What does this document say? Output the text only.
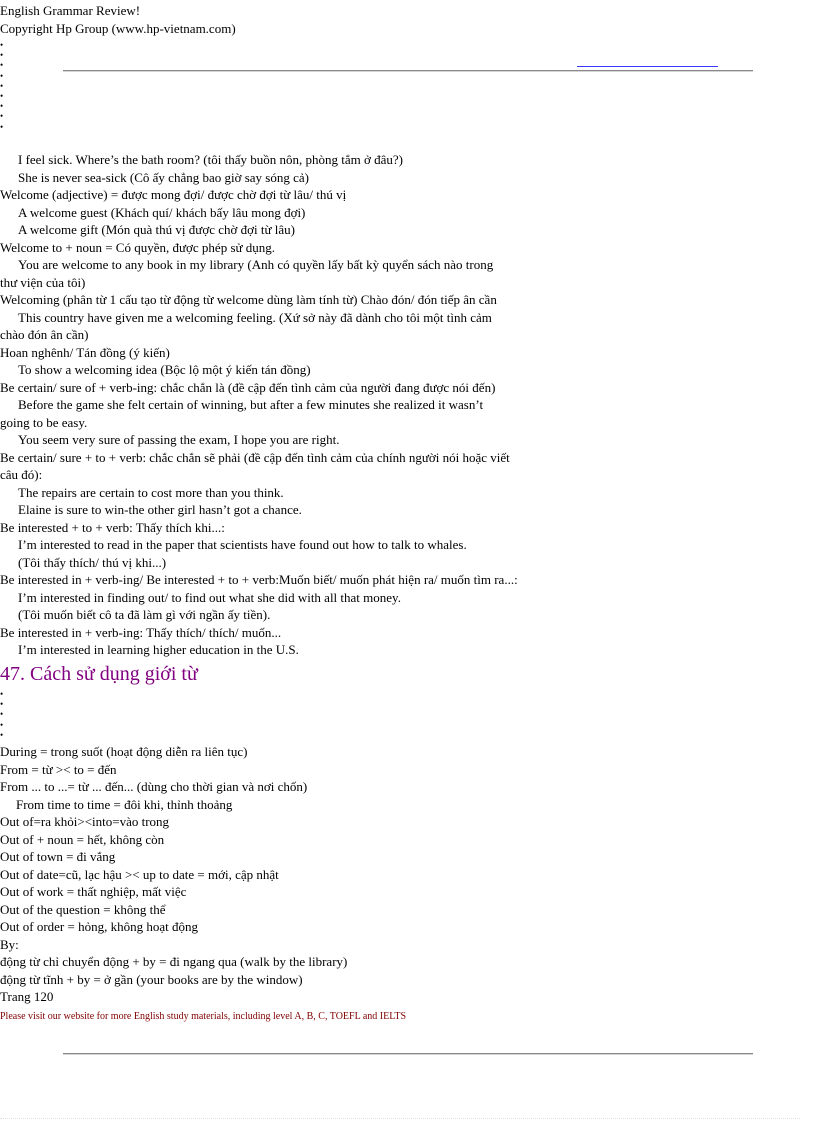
English Grammar Review!
Copyright Hp Group (www.hp-vietnam.com)
•
•
•
•
•
•
•
•
•
I feel sick. Where’s the bath room? (tôi thấy buồn nôn, phòng tắm ở đâu?)
She is never sea-sick (Cô ấy chẳng bao giờ say sóng cả)
Welcome (adjective) = được mong đợi/ được chờ đợi từ lâu/ thú vị
A welcome guest (Khách quí/ khách bấy lâu mong đợi)
A welcome gift (Món quà thú vị được chờ đợi từ lâu)
Welcome to + noun = Có quyền, được phép sử dụng.
You are welcome to any book in my library (Anh có quyền lấy bất kỳ quyển sách nào trong
thư viện của tôi)
Welcoming (phân từ 1 cấu tạo từ động từ welcome dùng làm tính từ) Chào đón/ đón tiếp ân cần
This country have given me a welcoming feeling. (Xứ sở này đã dành cho tôi một tình cảm
chào đón ân cần)
Hoan nghênh/ Tán đồng (ý kiến)
To show a welcoming idea (Bộc lộ một ý kiến tán đồng)
Be certain/ sure of + verb-ing: chắc chắn là (đề cập đến tình cảm của người đang được nói đến)
Before the game she felt certain of winning, but after a few minutes she realized it wasn’t
going to be easy.
You seem very sure of passing the exam, I hope you are right.
Be certain/ sure + to + verb: chắc chắn sẽ phải (đề cập đến tình cảm của chính người nói hoặc viết
câu đó):
The repairs are certain to cost more than you think.
Elaine is sure to win-the other girl hasn’t got a chance.
Be interested + to + verb: Thấy thích khi...:
I’m interested to read in the paper that scientists have found out how to talk to whales.
(Tôi thấy thích/ thú vị khi...)
Be interested in + verb-ing/ Be interested + to + verb:Muốn biết/ muốn phát hiện ra/ muốn tìm ra...:
I’m interested in finding out/ to find out what she did with all that money.
(Tôi muốn biết cô ta đã làm gì với ngần ấy tiền).
Be interested in + verb-ing: Thấy thích/ thích/ muốn...
I’m interested in learning higher education in the U.S.
47. Cách sử dụng giới từ
•
•
•
•
•
During = trong suốt (hoạt động diễn ra liên tục)
From = từ >< to = đến
From ... to ...= từ ... đến... (dùng cho thời gian và nơi chốn)
From time to time = đôi khi, thỉnh thoảng
Out of=ra khỏi><into=vào trong
Out of + noun = hết, không còn
Out of town = đi vắng
Out of date=cũ, lạc hậu >< up to date = mới, cập nhật
Out of work = thất nghiệp, mất việc
Out of the question = không thể
Out of order = hỏng, không hoạt động
By:
động từ chỉ chuyển động + by = đi ngang qua (walk by the library)
động từ tĩnh + by = ở gần (your books are by the window)
Trang 120
Please visit our website for more English study materials, including level A, B, C, TOEFL and IELTS
